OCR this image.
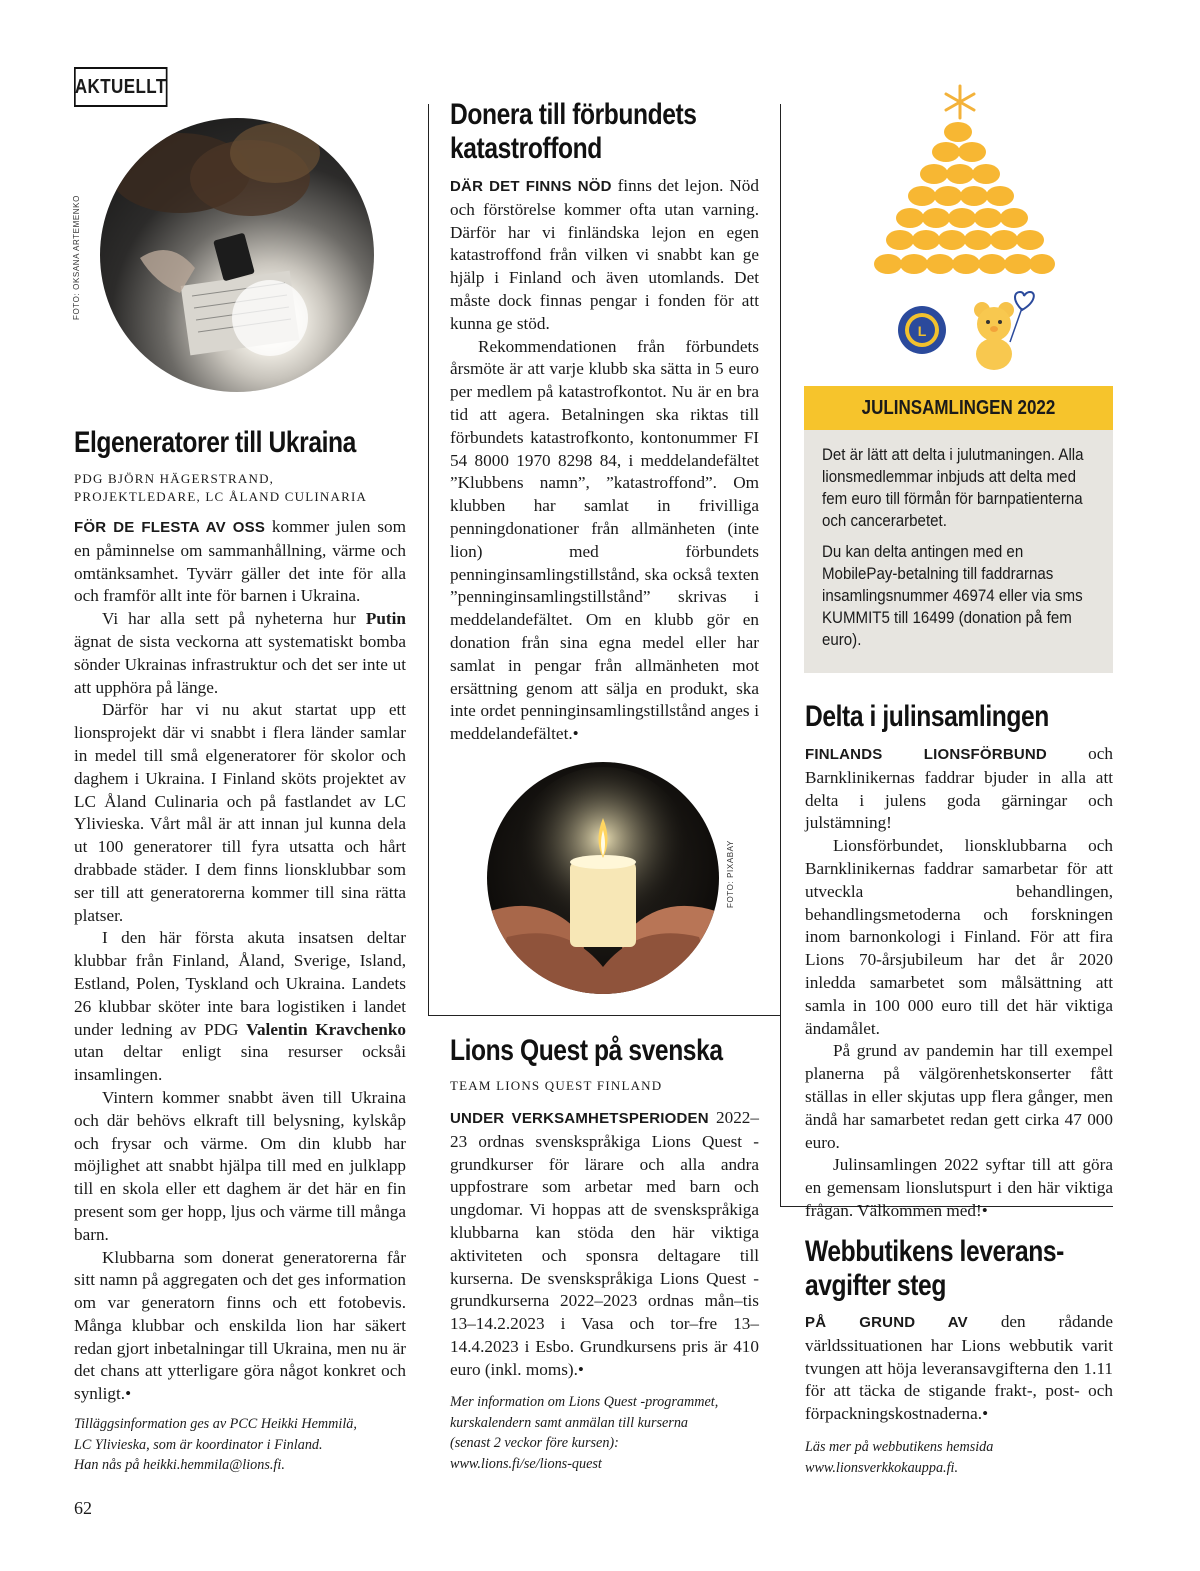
AKTUELLT
FOTO: OKSANA ARTEMENKO
Elgeneratorer till Ukraina
PDG BJÖRN HÄGERSTRAND,
PROJEKTLEDARE, LC ÅLAND CULINARIA

FÖR DE FLESTA AV OSS kommer julen som en påminnelse om sammanhållning, värme och omtänksamhet. Tyvärr gäller det inte för alla och framför allt inte för barnen i Ukraina.

Vi har alla sett på nyheterna hur Putin ägnat de sista veckorna att systematiskt bomba sönder Ukrainas infrastruktur och det ser inte ut att upphöra på länge.

Därför har vi nu akut startat upp ett lionsprojekt där vi snabbt i flera länder samlar in medel till små elgeneratorer för skolor och daghem i Ukraina. I Finland sköts projektet av LC Åland Culinaria och på fastlandet av LC Ylivieska. Vårt mål är att innan jul kunna dela ut 100 generatorer till fyra utsatta och hårt drabbade städer. I dem finns lionsklubbar som ser till att generatorerna kommer till sina rätta platser.

I den här första akuta insatsen deltar klubbar från Finland, Åland, Sverige, Island, Estland, Polen, Tyskland och Ukraina. Landets 26 klubbar sköter inte bara logistiken i landet under ledning av PDG Valentin Kravchenko utan deltar enligt sina resurser ocksåi insamlingen.

Vintern kommer snabbt även till Ukraina och där behövs elkraft till belysning, kylskåp och frysar och värme. Om din klubb har möjlighet att snabbt hjälpa till med en julklapp till en skola eller ett daghem är det här en fin present som ger hopp, ljus och värme till många barn.

Klubbarna som donerat generatorerna får sitt namn på aggregaten och det ges information om var generatorn finns och ett fotobevis. Många klubbar och enskilda lion har säkert redan gjort inbetalningar till Ukraina, men nu är det chans att ytterligare göra något konkret och synligt.•

Tilläggsinformation ges av PCC Heikki Hemmilä,
LC Ylivieska, som är koordinator i Finland.
Han nås på heikki.hemmila@lions.fi.
62
Donera till förbundets
katastroffond

DÄR DET FINNS NÖD finns det lejon. Nöd och förstörelse kommer ofta utan varning. Därför har vi finländska lejon en egen katastroffond från vilken vi snabbt kan ge hjälp i Finland och även utomlands. Det måste dock finnas pengar i fonden för att kunna ge stöd.

Rekommendationen från förbundets årsmöte är att varje klubb ska sätta in 5 euro per medlem på katastrofkontot. Nu är en bra tid att agera. Betalningen ska riktas till förbundets katastrofkonto, kontonummer FI 54 8000 1970 8298 84, i meddelandefältet ”Klubbens namn”, ”katastroffond”. Om klubben har samlat in frivilliga penningdonationer från allmänheten (inte lion) med förbundets penninginsamlingstillstånd, ska också texten ”penninginsamlingstillstånd” skrivas i meddelandefältet. Om en klubb gör en donation från sina egna medel eller har samlat in pengar från allmänheten mot ersättning genom att sälja en produkt, ska inte ordet penninginsamlingstillstånd anges i meddelandefältet.•

FOTO: PIXABAY
Lions Quest på svenska
TEAM LIONS QUEST FINLAND

UNDER VERKSAMHETSPERIODEN 2022–23 ordnas svenskspråkiga Lions Quest -grundkurser för lärare och alla andra uppfostrare som arbetar med barn och ungdomar. Vi hoppas att de svenskspråkiga klubbarna kan stöda den här viktiga aktiviteten och sponsra deltagare till kurserna. De svenskspråkiga Lions Quest -grundkurserna 2022–2023 ordnas mån–tis 13–14.2.2023 i Vasa och tor–fre 13–14.4.2023 i Esbo. Grundkursens pris är 410 euro (inkl. moms).•

Mer information om Lions Quest -programmet,
kurskalendern samt anmälan till kurserna
(senast 2 veckor före kursen):
www.lions.fi/se/lions-quest
L
JULINSAMLINGEN 2022

Det är lätt att delta i julutmaningen. Alla lionsmedlemmar inbjuds att delta med fem euro till förmån för barnpatienterna och cancerarbetet.

Du kan delta antingen med en MobilePay-betalning till faddrarnas insamlingsnummer 46974 eller via sms KUMMIT5 till 16499 (donation på fem euro).

Delta i julinsamlingen

FINLANDS LIONSFÖRBUND och Barnklinikernas faddrar bjuder in alla att delta i julens goda gärningar och julstämning!

Lionsförbundet, lionsklubbarna och Barnklinikernas faddrar samarbetar för att utveckla behandlingen, behandlingsmetoderna och forskningen inom barnonkologi i Finland. För att fira Lions 70-årsjubileum har det år 2020 inledda samarbetet som målsättning att samla in 100 000 euro till det här viktiga ändamålet.

På grund av pandemin har till exempel planerna på välgörenhetskonserter fått ställas in eller skjutas upp flera gånger, men ändå har samarbetet redan gett cirka 47 000 euro.

Julinsamlingen 2022 syftar till att göra en gemensam lionslutspurt i den här viktiga frågan. Välkommen med!•

Webbutikens leverans-
avgifter steg

PÅ GRUND AV den rådande världssituationen har Lions webbutik varit tvungen att höja leveransavgifterna den 1.11 för att täcka de stigande frakt-, post- och förpackningskostnaderna.•

Läs mer på webbutikens hemsida
www.lionsverkkokauppa.fi.
